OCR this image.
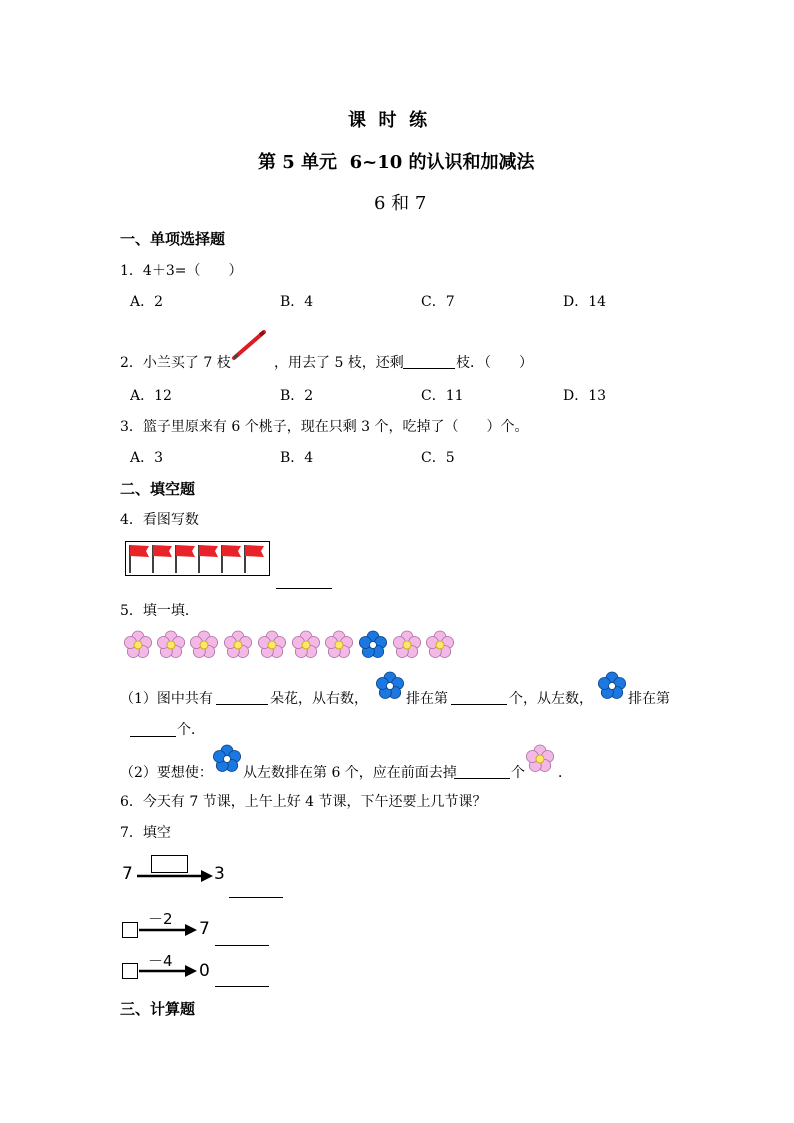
课  时  练
第 5 单元  6~10 的认识和加减法
6 和 7
一、单项选择题
1．4＋3=（　　）
A．2	B．4	C．7	D．14
2．小兰买了 7 枝	，用去了 5 枝，还剩	枝．（　　）
A．12	B．2	C．11	D．13
3．篮子里原来有 6 个桃子，现在只剩 3 个，吃掉了（　　）个。
A．3	B．4	C．5
二、填空题
4．看图写数
5．填一填．
（1）图中共有	朵花，从右数，	排在第	个，从左数，	排在第
个．
（2）要想使： 从左数排在第 6 个，应在前面去掉	个 ．
6．今天有 7 节课，上午上好 4 节课，下午还要上几节课？
7．填空
7	3
－2 7
－4 0
三、计算题
